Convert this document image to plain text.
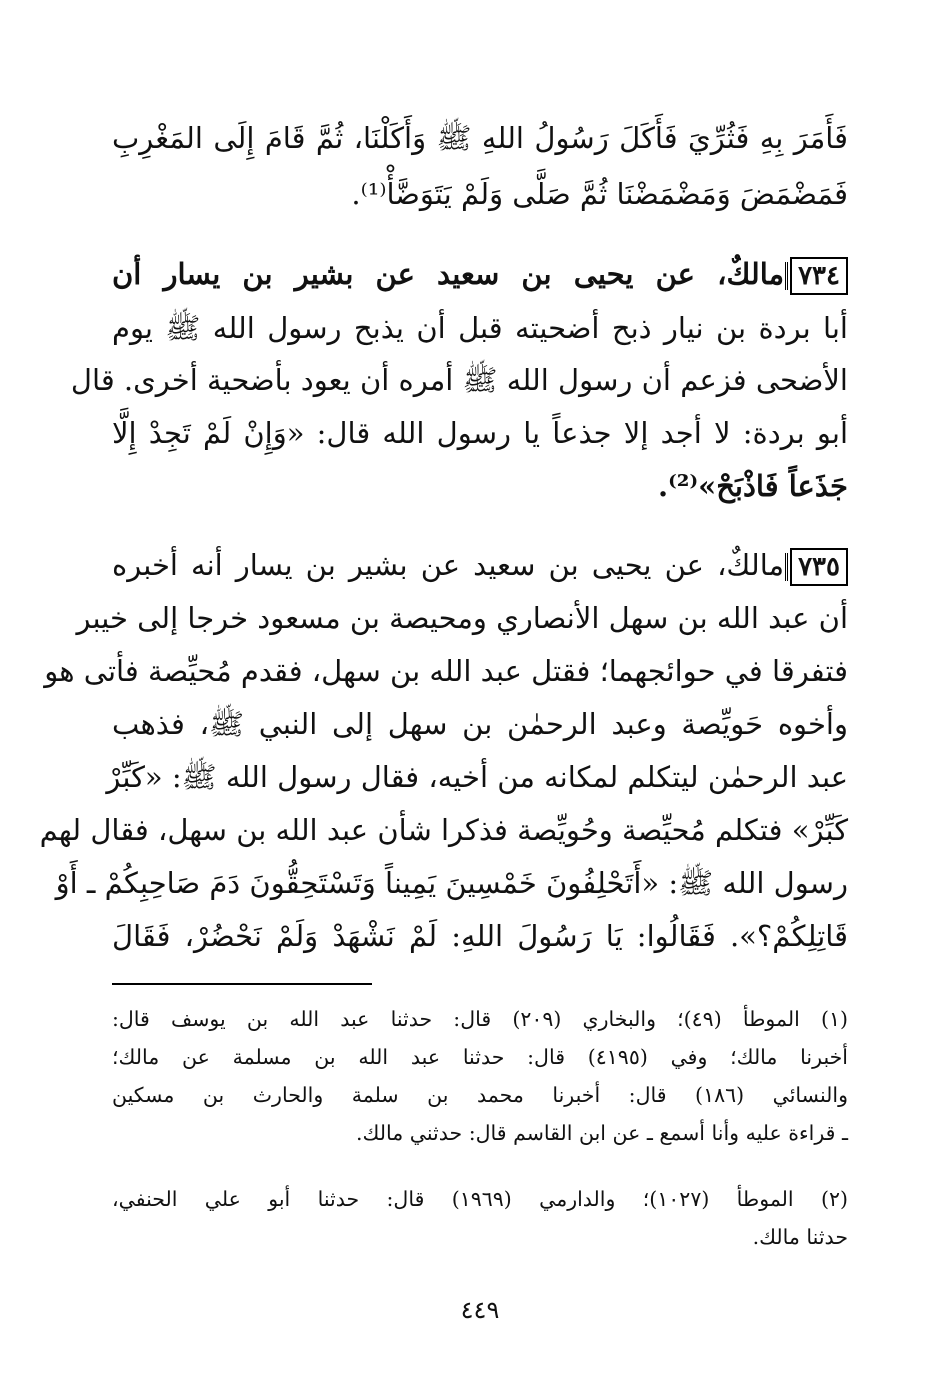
فَأَمَرَ بِهِ فَثُرِّيَ فَأَكَلَ رَسُولُ اللهِ ﷺ وَأَكَلْنَا، ثُمَّ قَامَ إِلَى المَغْرِبِ
فَمَضْمَضَ وَمَضْمَضْنَا ثُمَّ صَلَّى وَلَمْ يَتَوَضَّأْ⁽¹⁾.
٧٣٤مالكٌ، عن يحيى بن سعيد عن بشير بن يسار أن
أبا بردة بن نيار ذبح أضحيته قبل أن يذبح رسول الله ﷺ يوم
الأضحى فزعم أن رسول الله ﷺ أمره أن يعود بأضحية أخرى. قال
أبو بردة: لا أجد إلا جذعاً يا رسول الله قال: «وَإِنْ لَمْ تَجِدْ إِلَّا
جَذَعاً فَاذْبَحْ»⁽²⁾.
٧٣٥مالكٌ، عن يحيى بن سعيد عن بشير بن يسار أنه أخبره
أن عبد الله بن سهل الأنصاري ومحيصة بن مسعود خرجا إلى خيبر
فتفرقا في حوائجهما؛ فقتل عبد الله بن سهل، فقدم مُحيِّصة فأتى هو
وأخوه حَويِّصة وعبد الرحمٰن بن سهل إلى النبي ﷺ، فذهب
عبد الرحمٰن ليتكلم لمكانه من أخيه، فقال رسول الله ﷺ: «كَبِّرْ
كَبِّرْ» فتكلم مُحيِّصة وحُويِّصة فذكرا شأن عبد الله بن سهل، فقال لهم
رسول الله ﷺ: «أَتَحْلِفُونَ خَمْسِينَ يَمِيناً وَتَسْتَحِقُّونَ دَمَ صَاحِبِكُمْ ـ أَوْ
قَاتِلِكُمْ؟». فَقَالُوا: يَا رَسُولَ اللهِ: لَمْ نَشْهَدْ وَلَمْ نَحْضُرْ، فَقَالَ
(١) الموطأ (٤٩)؛ والبخاري (٢٠٩) قال: حدثنا عبد الله بن يوسف قال:
أخبرنا مالك؛ وفي (٤١٩٥) قال: حدثنا عبد الله بن مسلمة عن مالك؛
والنسائي (١٨٦) قال: أخبرنا محمد بن سلمة والحارث بن مسكين
ـ قراءة عليه وأنا أسمع ـ عن ابن القاسم قال: حدثني مالك.
(٢) الموطأ (١٠٢٧)؛ والدارمي (١٩٦٩) قال: حدثنا أبو علي الحنفي،
حدثنا مالك.
٤٤٩
